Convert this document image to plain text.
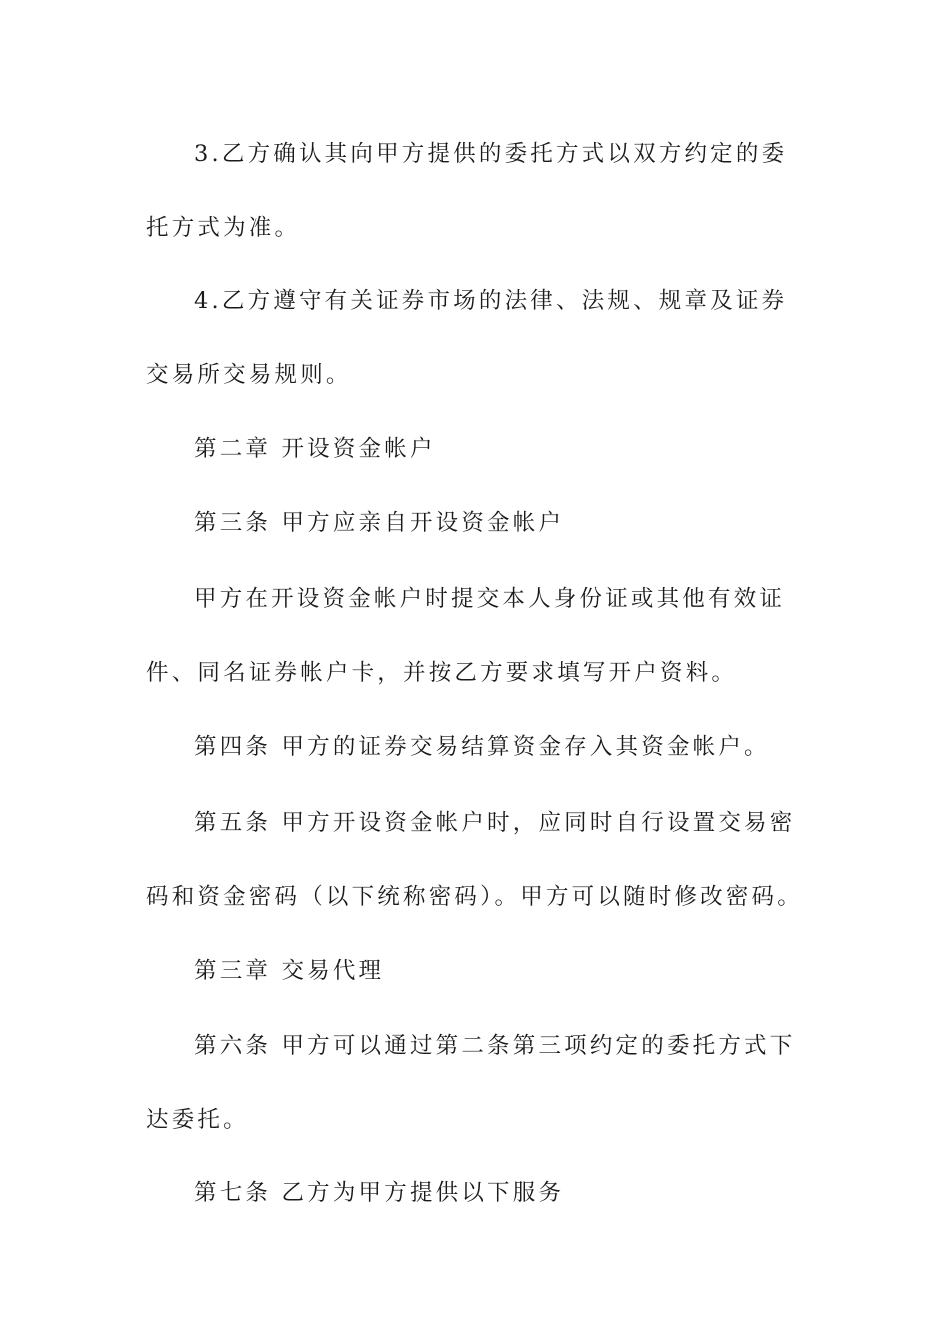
3.乙方确认其向甲方提供的委托方式以双方约定的委托方式为准。

4.乙方遵守有关证券市场的法律、法规、规章及证券交易所交易规则。

第二章 开设资金帐户

第三条 甲方应亲自开设资金帐户

甲方在开设资金帐户时提交本人身份证或其他有效证件、同名证券帐户卡，并按乙方要求填写开户资料。

第四条 甲方的证券交易结算资金存入其资金帐户。

第五条 甲方开设资金帐户时，应同时自行设置交易密码和资金密码（以下统称密码）。甲方可以随时修改密码。

第三章 交易代理

第六条 甲方可以通过第二条第三项约定的委托方式下达委托。

第七条 乙方为甲方提供以下服务
